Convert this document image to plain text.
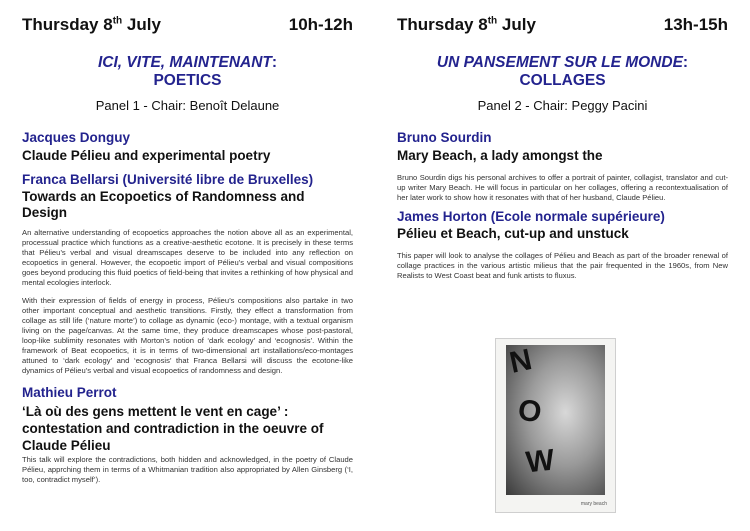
Thursday 8th July	10h-12h
ICI, VITE, MAINTENANT:
POETICS
Panel 1 - Chair: Benoît Delaune
Jacques Donguy
Claude Pélieu and experimental poetry
Franca Bellarsi (Université libre de Bruxelles)
Towards an Ecopoetics of Randomness and Design

An alternative understanding of ecopoetics approaches the notion above all as an experimental, processual practice which functions as a creative-aesthetic ecotone. It is precisely in these terms that Pélieu’s verbal and visual dreamscapes deserve to be included into any reflection on ecopoetics in general. However, the ecopoetic import of Pélieu’s verbal and visual compositions goes beyond producing this fluid poetics of field-being that invites a rethinking of how physical and mental ecologies interlock.

With their expression of fields of energy in process, Pélieu’s compositions also partake in two other important conceptual and aesthetic transitions. Firstly, they effect a transformation from collage as still life (‘nature morte’) to collage as dynamic (eco-) montage, with a textual organism living on the page/canvas. At the same time, they produce dreamscapes whose post-pastoral, loop-like sublimity resonates with Morton’s notion of ‘dark ecology’ and ‘ecognosis’. Within the framework of Beat ecopoetics, it is in terms of two-dimensional art installations/eco-montages attuned to ‘dark ecology’ and ‘ecognosis’ that Franca Bellarsi will discuss the ecotone-like dynamics of Pélieu’s verbal and visual ecopoetics of randomness and design.

Mathieu Perrot
‘Là où des gens mettent le vent en cage’ : contestation and contradiction in the oeuvre of Claude Pélieu

This talk will explore the contradictions, both hidden and acknowledged, in the poetry of Claude Pélieu, apprching them in terms of a Whitmanian tradition also appropriated by Allen Ginsberg (‘I, too, contradict myself’).

Thursday 8th July	13h-15h
UN PANSEMENT SUR LE MONDE:
COLLAGES
Panel 2 - Chair: Peggy Pacini
Bruno Sourdin
Mary Beach, a lady amongst the

Bruno Sourdin digs his personal archives to offer a portrait of painter, collagist, translator and cut-up writer Mary Beach. He will focus in particular on her collages, offering a recontextualisation of her later work to show how it resonates with that of her husband, Claude Pélieu.

James Horton (Ecole normale supérieure)
Pélieu et Beach, cut-up and unstuck

This paper will look to analyse the collages of Pélieu and Beach as part of the broader renewal of collage practices in the various artistic milieus that the pair frequented in the 1960s, from New Realists to West Coast beat and funk artists to fluxus.

N
O
W
mary beach
